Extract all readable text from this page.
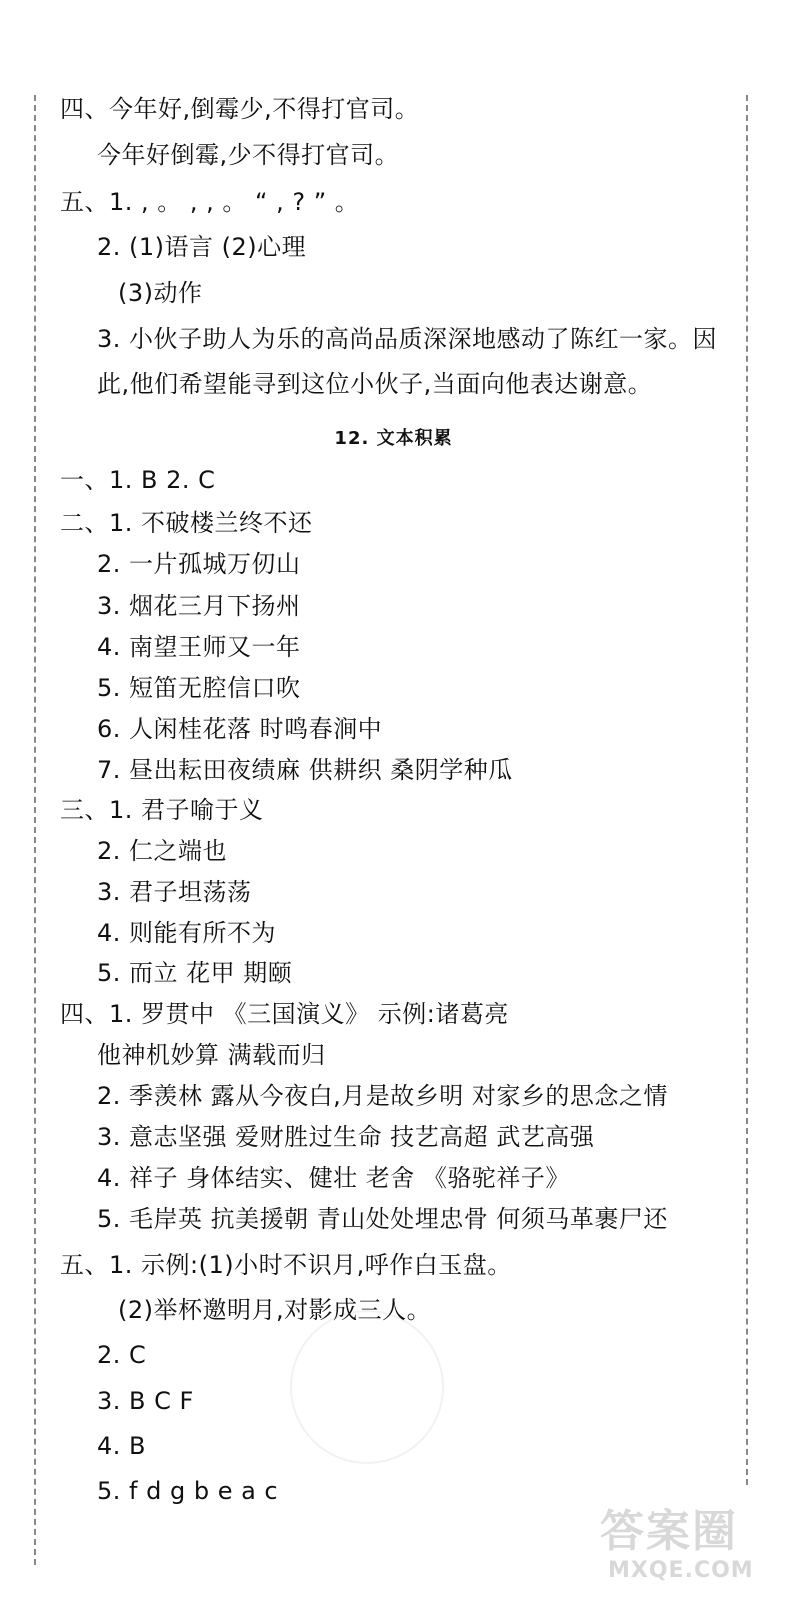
四、今年好,倒霉少,不得打官司。
今年好倒霉,少不得打官司。
五、1. , 。 , , 。 “ , ? ” 。
2. (1)语言 (2)心理
(3)动作
3. 小伙子助人为乐的高尚品质深深地感动了陈红一家。因
此,他们希望能寻到这位小伙子,当面向他表达谢意。
12. 文本积累
一、1. B 2. C
二、1. 不破楼兰终不还
2. 一片孤城万仞山
3. 烟花三月下扬州
4. 南望王师又一年
5. 短笛无腔信口吹
6. 人闲桂花落 时鸣春涧中
7. 昼出耘田夜绩麻 供耕织 桑阴学种瓜
三、1. 君子喻于义
2. 仁之端也
3. 君子坦荡荡
4. 则能有所不为
5. 而立 花甲 期颐
四、1. 罗贯中 《三国演义》 示例:诸葛亮
他神机妙算 满载而归
2. 季羡林 露从今夜白,月是故乡明 对家乡的思念之情
3. 意志坚强 爱财胜过生命 技艺高超 武艺高强
4. 祥子 身体结实、健壮 老舍 《骆驼祥子》
5. 毛岸英 抗美援朝 青山处处埋忠骨 何须马革裹尸还
五、1. 示例:(1)小时不识月,呼作白玉盘。
(2)举杯邀明月,对影成三人。
2. C
3. B C F
4. B
5. f d g b e a c
答案圈
MXQE.COM
